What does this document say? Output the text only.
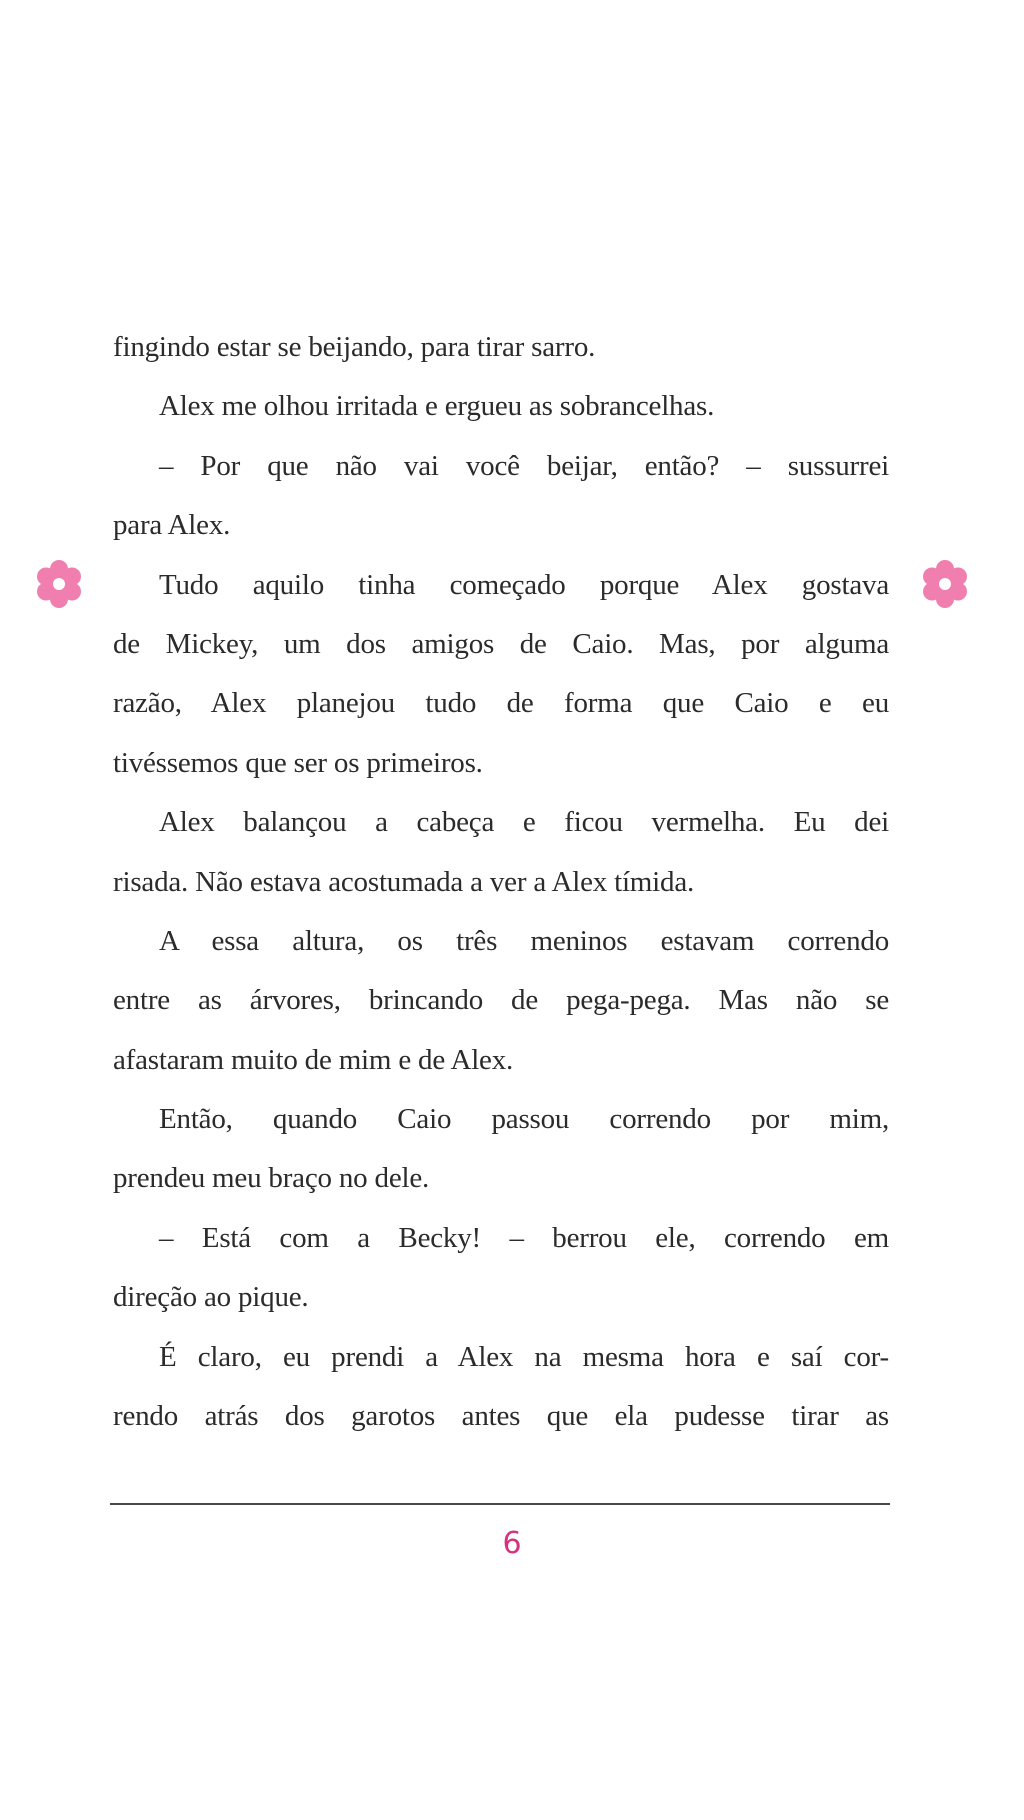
fingindo estar se beijando, para tirar sarro.
Alex me olhou irritada e ergueu as sobrancelhas.
– Por que não vai você beijar, então? – sussurrei
para Alex.
Tudo aquilo tinha começado porque Alex gostava
de Mickey, um dos amigos de Caio. Mas, por alguma
razão, Alex planejou tudo de forma que Caio e eu
tivéssemos que ser os primeiros.
Alex balançou a cabeça e ficou vermelha. Eu dei
risada. Não estava acostumada a ver a Alex tímida.
A essa altura, os três meninos estavam correndo
entre as árvores, brincando de pega-pega. Mas não se
afastaram muito de mim e de Alex.
Então, quando Caio passou correndo por mim,
prendeu meu braço no dele.
– Está com a Becky! – berrou ele, correndo em
direção ao pique.
É claro, eu prendi a Alex na mesma hora e saí cor-
rendo atrás dos garotos antes que ela pudesse tirar as
6
